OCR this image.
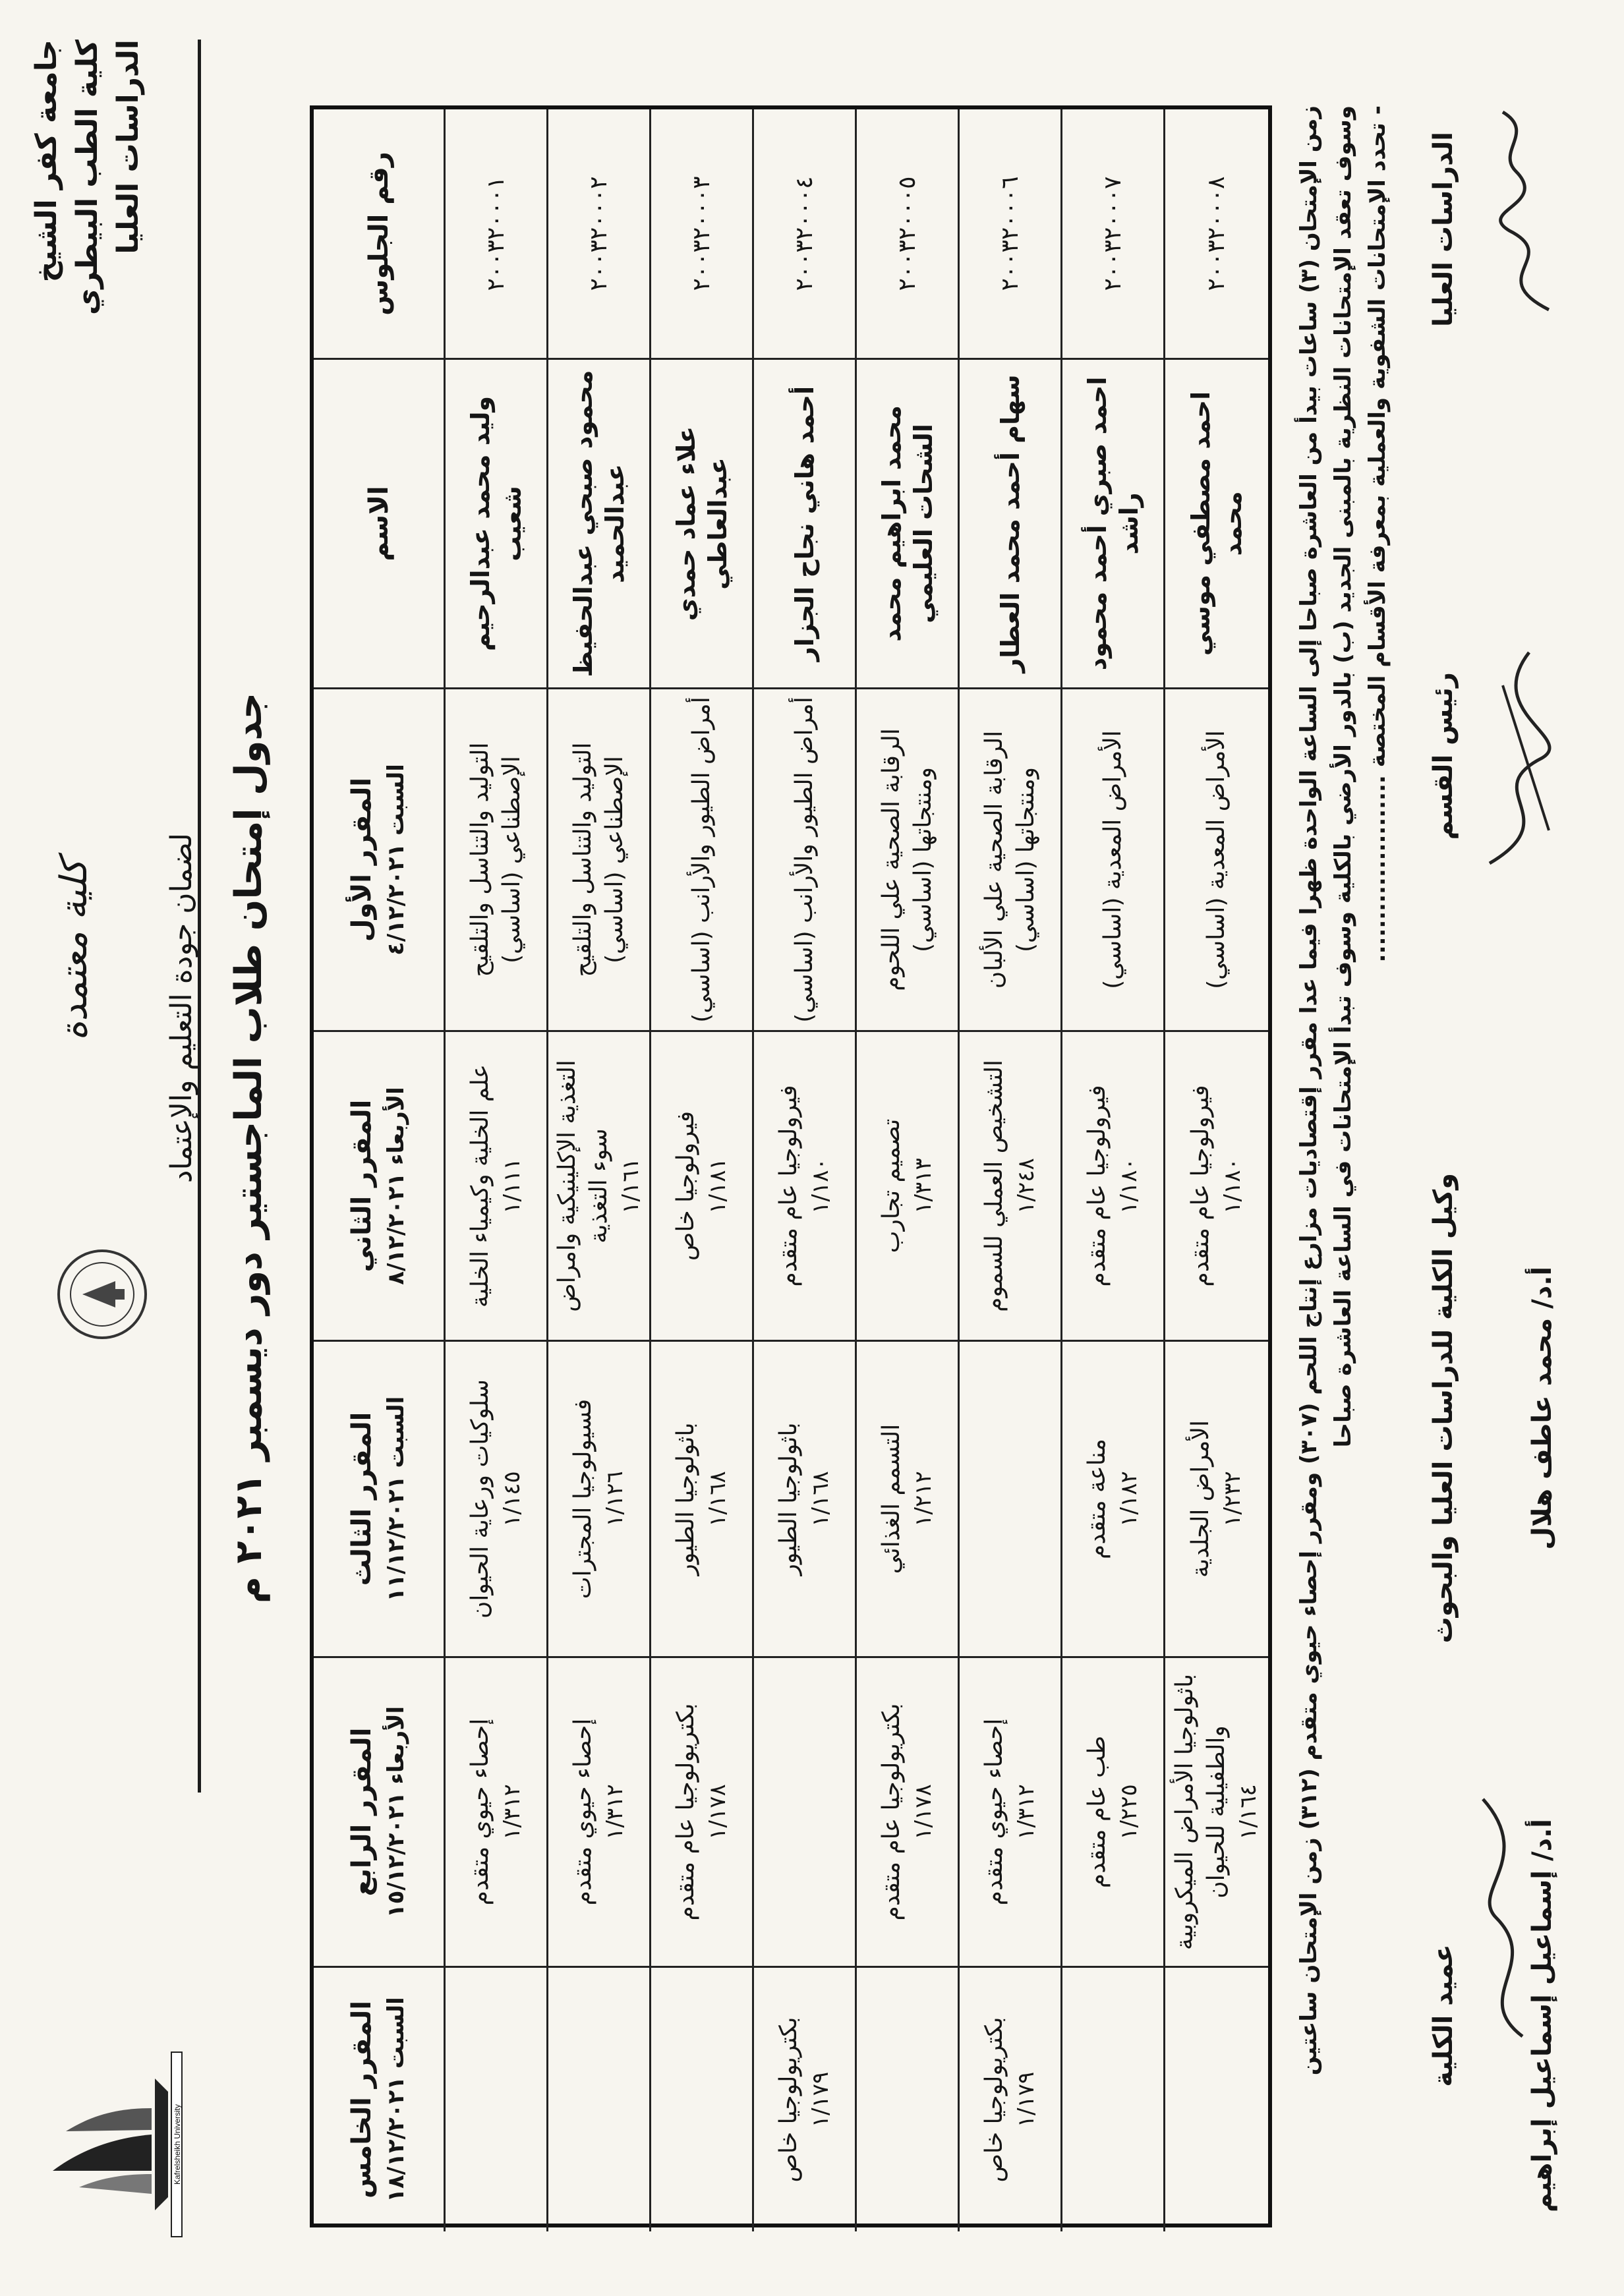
جامعة كفر الشيخ كلية الطب البيطري الدراسات العليا
كلية معتمدة لضمان جودة التعليم والإعتماد
Kafrelsheikh University
جدول إمتحان طلاب الماجستير دور ديسمبر ٢٠٢١ م
رقم الجلوس
الاسم
المقرر الأول السبت ٤/١٢/٢٠٢١
المقرر الثاني الأربعاء ٨/١٢/٢٠٢١
المقرر الثالث السبت ١١/١٢/٢٠٢١
المقرر الرابع الأربعاء ١٥/١٢/٢٠٢١
المقرر الخامس السبت ١٨/١٢/٢٠٢١
٢٠٠٣٢٠٠٠١
وليد محمد عبدالرحيم شعيب
التوليد والتناسل والتلقيح الإصطناعي (اساسي)
علم الخلية وكيمياء الخلية ١/١١١
سلوكيات ورعاية الحيوان ١/١٤٥
إحصاء حيوي متقدم ١/٣١٢
٢٠٠٣٢٠٠٠٢
محمود صبحي عبدالحفيظ عبدالحميد
التوليد والتناسل والتلقيح الإصطناعي (اساسي)
التغذية الإكلينيكية وامراض سوء التغذية ١/١٦١
فسيولوجيا المجترات ١/١٢٦
إحصاء حيوي متقدم ١/٣١٢
٢٠٠٣٢٠٠٠٣
علاء عماد حمدي عبدالعاطي
أمراض الطيور والأرانب (اساسي)
فيرولوجيا خاص ١/١٨١
باثولوجيا الطيور ١/١٦٨
بكتريولوجيا عام متقدم ١/١٧٨
٢٠٠٣٢٠٠٠٤
أحمد هاني نجاح الجزار
أمراض الطيور والأرانب (اساسي)
فيرولوجيا عام متقدم ١/١٨٠
باثولوجيا الطيور ١/١٦٨
بكتريولوجيا خاص ١/١٧٩
٢٠٠٣٢٠٠٠٥
محمد ابراهيم محمد الشحات العليمي
الرقابة الصحية علي اللحوم ومنتجاتها (اساسي)
تصميم تجارب ١/٣١٣
التسمم الغذائي ١/٢١٢
بكتريولوجيا عام متقدم ١/١٧٨
٢٠٠٣٢٠٠٠٦
سهام أحمد محمد العطار
الرقابة الصحية علي الألبان ومنتجاتها (اساسي)
التشخيص العملي للسموم ١/٢٤٨
إحصاء حيوي متقدم ١/٣١٢
بكتريولوجيا خاص ١/١٧٩
٢٠٠٣٢٠٠٠٧
احمد صبري أحمد محمود راشد
الأمراض المعدية (اساسي)
فيرولوجيا عام متقدم ١/١٨٠
مناعة متقدم ١/١٨٢
طب عام متقدم ١/٢٢٥
٢٠٠٣٢٠٠٠٨
احمد مصطفي موسي محمد
الأمراض المعدية (اساسي)
فيرولوجيا عام متقدم ١/١٨٠
الأمراض الجلدية ١/٢٣٢
باثولوجيا الأمراض الميكروبية والطفيلية للحيوان ١/١٦٤
زمن الإمتحان (٣) ساعات بيدأ من العاشرة صباحا إلى الساعة الواحدة ظهرا فيما عدا مقرر إقتصاديات مزارع إنتاج اللحم (٣٠٧) ومقرر إحصاء حيوي متقدم (٣١٢) زمن الإمتحان ساعتين وسوف تعقد الإمتحانات النظرية بالمبنى الجديد (ب) بالدور الأرضي بالكلية وسوف تبدأ الإمتحانات في الساعة العاشرة صباحا - تحدد الإمتحانات الشفوية والعملية بمعرفة الأقسام المختصة ...................... الدراسات العليا
رئيس القسم
وكيل الكلية للدراسات العليا والبحوث	أ.د/ محمد عاطف هلال
عميد الكلية	أ.د/ إسماعيل إسماعيل إبراهيم
